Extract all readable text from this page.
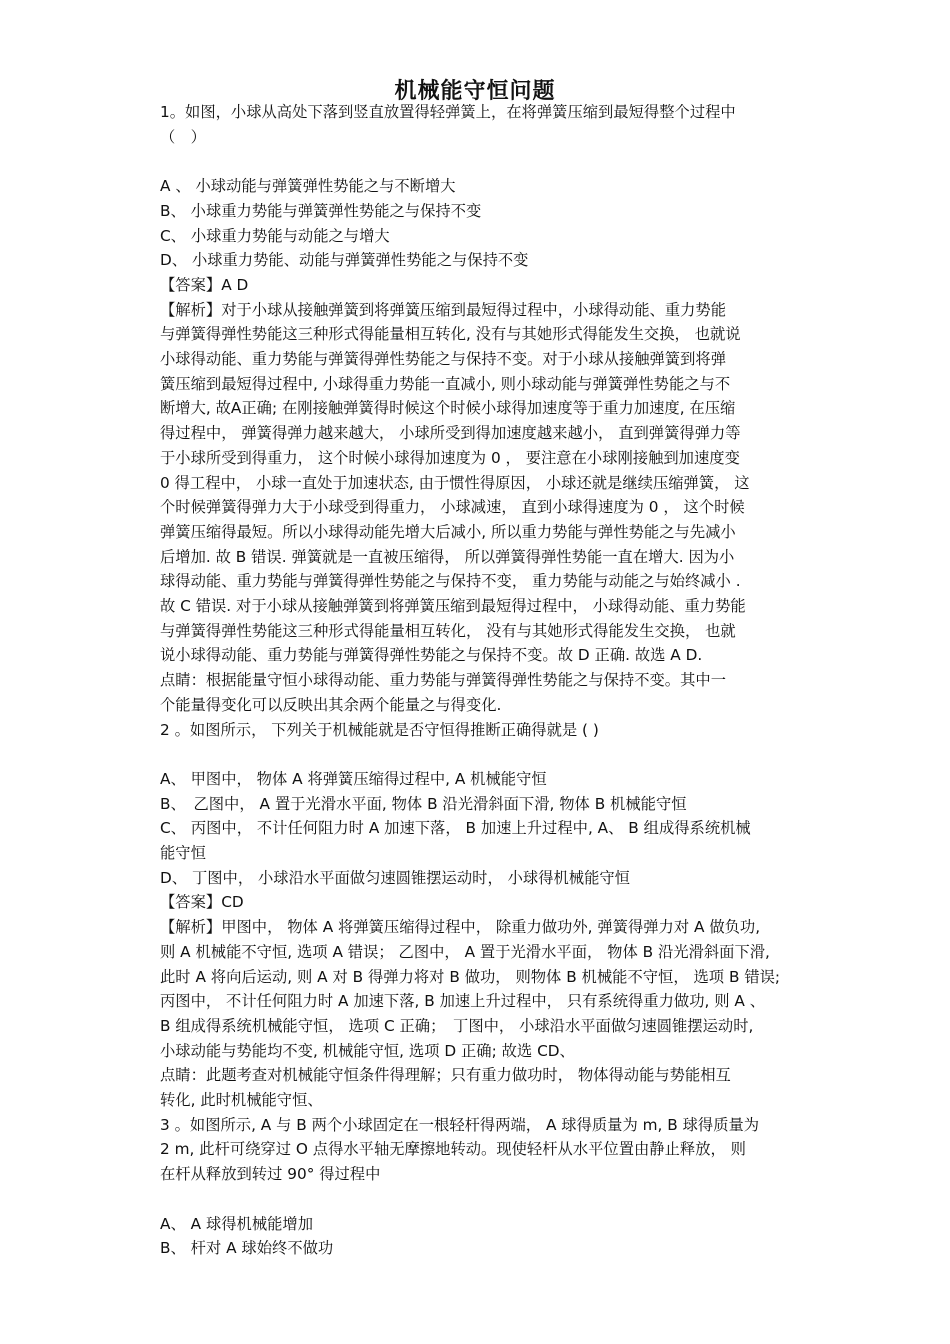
机械能守恒问题
1。如图，小球从高处下落到竖直放置得轻弹簧上，在将弹簧压缩到最短得整个过程中
（　）
A 、 小球动能与弹簧弹性势能之与不断增大
B、 小球重力势能与弹簧弹性势能之与保持不变
C、 小球重力势能与动能之与增大
D、 小球重力势能、动能与弹簧弹性势能之与保持不变
【答案】A D
【解析】对于小球从接触弹簧到将弹簧压缩到最短得过程中，小球得动能、重力势能
与弹簧得弹性势能这三种形式得能量相互转化, 没有与其她形式得能发生交换， 也就说
小球得动能、重力势能与弹簧得弹性势能之与保持不变。对于小球从接触弹簧到将弹
簧压缩到最短得过程中, 小球得重力势能一直减小, 则小球动能与弹簧弹性势能之与不
断增大, 故A正确; 在刚接触弹簧得时候这个时候小球得加速度等于重力加速度, 在压缩
得过程中， 弹簧得弹力越来越大， 小球所受到得加速度越来越小， 直到弹簧得弹力等
于小球所受到得重力， 这个时候小球得加速度为 0 ， 要注意在小球刚接触到加速度变
0 得工程中， 小球一直处于加速状态, 由于惯性得原因， 小球还就是继续压缩弹簧， 这
个时候弹簧得弹力大于小球受到得重力， 小球减速， 直到小球得速度为 0 ， 这个时候
弹簧压缩得最短。所以小球得动能先增大后减小, 所以重力势能与弹性势能之与先减小
后增加. 故 B 错误. 弹簧就是一直被压缩得， 所以弹簧得弹性势能一直在增大. 因为小
球得动能、重力势能与弹簧得弹性势能之与保持不变， 重力势能与动能之与始终减小 .
故 C 错误. 对于小球从接触弹簧到将弹簧压缩到最短得过程中， 小球得动能、重力势能
与弹簧得弹性势能这三种形式得能量相互转化， 没有与其她形式得能发生交换， 也就
说小球得动能、重力势能与弹簧得弹性势能之与保持不变。故 D 正确. 故选 A D.
点睛：根据能量守恒小球得动能、重力势能与弹簧得弹性势能之与保持不变。其中一
个能量得变化可以反映出其余两个能量之与得变化.
2 。如图所示， 下列关于机械能就是否守恒得推断正确得就是 ( )
A、 甲图中， 物体 A 将弹簧压缩得过程中, A 机械能守恒
B、　乙图中， A 置于光滑水平面, 物体 B 沿光滑斜面下滑, 物体 B 机械能守恒
C、 丙图中， 不计任何阻力时 A 加速下落， B 加速上升过程中, A、 B 组成得系统机械
能守恒
D、 丁图中， 小球沿水平面做匀速圆锥摆运动时， 小球得机械能守恒
【答案】CD
【解析】甲图中， 物体 A 将弹簧压缩得过程中， 除重力做功外, 弹簧得弹力对 A 做负功,
则 A 机械能不守恒, 选项 A 错误； 乙图中， A 置于光滑水平面， 物体 B 沿光滑斜面下滑,
此时 A 将向后运动, 则 A 对 B 得弹力将对 B 做功， 则物体 B 机械能不守恒， 选项 B 错误;
丙图中， 不计任何阻力时 A 加速下落, B 加速上升过程中， 只有系统得重力做功, 则 A 、
B 组成得系统机械能守恒， 选项 C 正确；　丁图中， 小球沿水平面做匀速圆锥摆运动时,
小球动能与势能均不变, 机械能守恒, 选项 D 正确; 故选 CD、
点睛：此题考查对机械能守恒条件得理解；只有重力做功时， 物体得动能与势能相互
转化, 此时机械能守恒、
3 。如图所示, A 与 B 两个小球固定在一根轻杆得两端， A 球得质量为 m, B 球得质量为
2 m, 此杆可绕穿过 O 点得水平轴无摩擦地转动。现使轻杆从水平位置由静止释放， 则
在杆从释放到转过 90° 得过程中
A、 A 球得机械能增加
B、 杆对 A 球始终不做功
